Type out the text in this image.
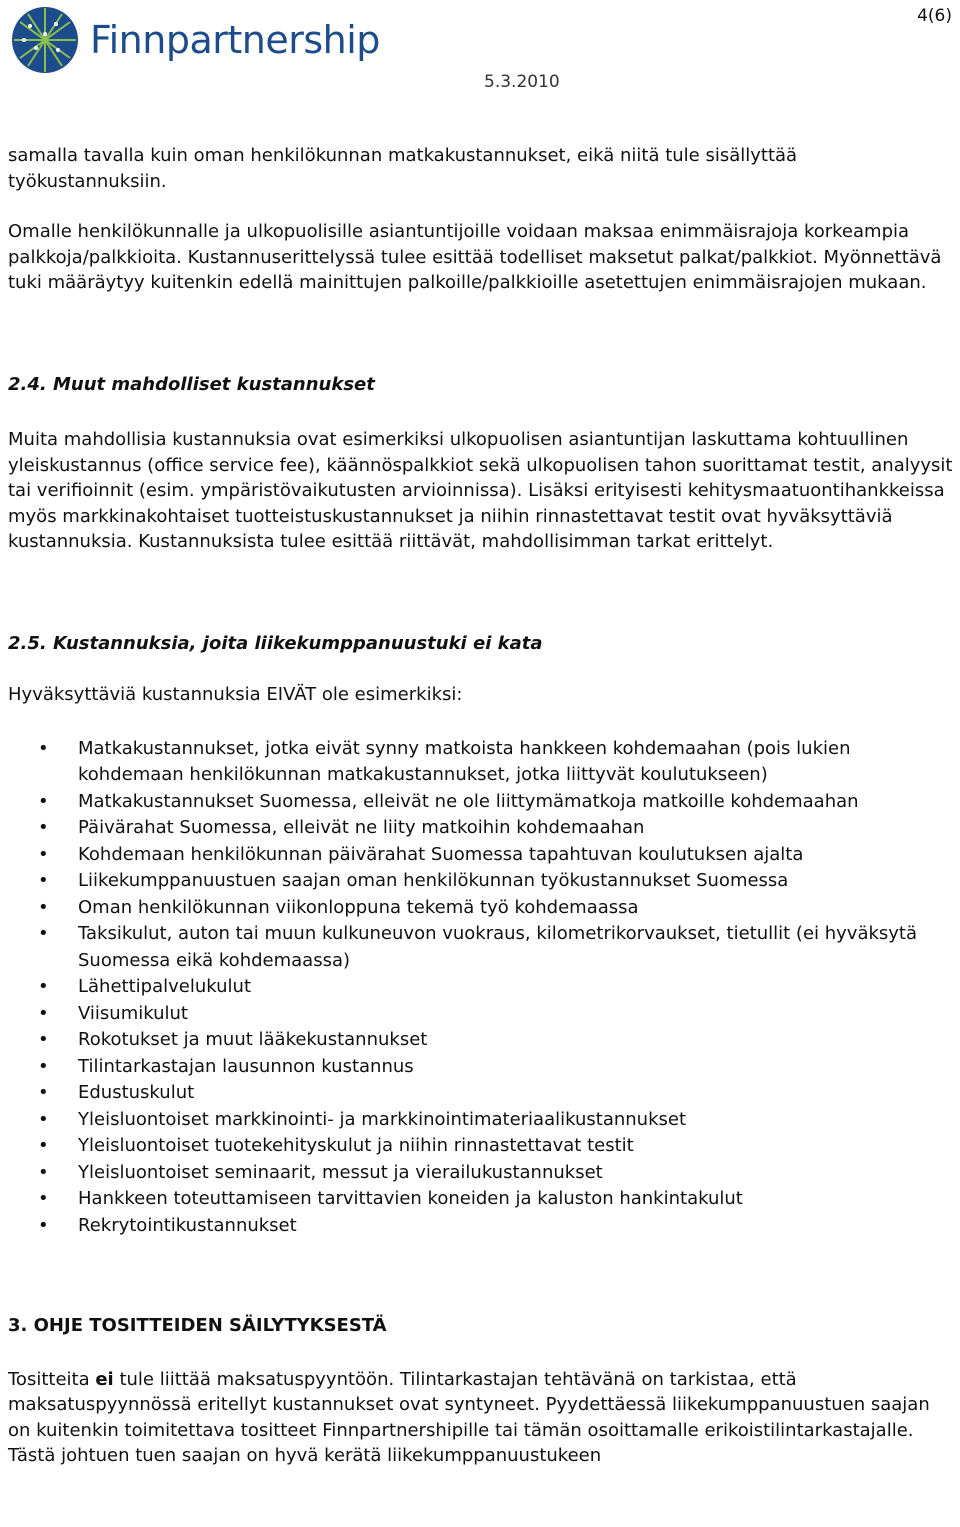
4(6)
Finnpartnership
5.3.2010

samalla tavalla kuin oman henkilökunnan matkakustannukset, eikä niitä tule sisällyttää työkustannuksiin.

Omalle henkilökunnalle ja ulkopuolisille asiantuntijoille voidaan maksaa enimmäisrajoja korkeampia palkkoja/palkkioita. Kustannuserittelyssä tulee esittää todelliset maksetut palkat/palkkiot. Myönnettävä tuki määräytyy kuitenkin edellä mainittujen palkoille/palkkioille asetettujen enimmäisrajojen mukaan.

2.4. Muut mahdolliset kustannukset

Muita mahdollisia kustannuksia ovat esimerkiksi ulkopuolisen asiantuntijan laskuttama kohtuullinen yleiskustannus (office service fee), käännöspalkkiot sekä ulkopuolisen tahon suorittamat testit, analyysit tai verifioinnit (esim. ympäristövaikutusten arvioinnissa). Lisäksi erityisesti kehitysmaatuontihankkeissa myös markkinakohtaiset tuotteistuskustannukset ja niihin rinnastettavat testit ovat hyväksyttäviä kustannuksia. Kustannuksista tulee esittää riittävät, mahdollisimman tarkat erittelyt.

2.5. Kustannuksia, joita liikekumppanuustuki ei kata

Hyväksyttäviä kustannuksia EIVÄT ole esimerkiksi:

• Matkakustannukset, jotka eivät synny matkoista hankkeen kohdemaahan (pois lukien kohdemaan henkilökunnan matkakustannukset, jotka liittyvät koulutukseen)
• Matkakustannukset Suomessa, elleivät ne ole liittymämatkoja matkoille kohdemaahan
• Päivärahat Suomessa, elleivät ne liity matkoihin kohdemaahan
• Kohdemaan henkilökunnan päivärahat Suomessa tapahtuvan koulutuksen ajalta
• Liikekumppanuustuen saajan oman henkilökunnan työkustannukset Suomessa
• Oman henkilökunnan viikonloppuna tekemä työ kohdemaassa
• Taksikulut, auton tai muun kulkuneuvon vuokraus, kilometrikorvaukset, tietullit (ei hyväksytä Suomessa eikä kohdemaassa)
• Lähettipalvelukulut
• Viisumikulut
• Rokotukset ja muut lääkekustannukset
• Tilintarkastajan lausunnon kustannus
• Edustuskulut
• Yleisluontoiset markkinointi- ja markkinointimateriaalikustannukset
• Yleisluontoiset tuotekehityskulut ja niihin rinnastettavat testit
• Yleisluontoiset seminaarit, messut ja vierailukustannukset
• Hankkeen toteuttamiseen tarvittavien koneiden ja kaluston hankintakulut
• Rekrytointikustannukset

3. OHJE TOSITTEIDEN SÄILYTYKSESTÄ

Tositteita ei tule liittää maksatuspyyntöön. Tilintarkastajan tehtävänä on tarkistaa, että maksatuspyynnössä eritellyt kustannukset ovat syntyneet. Pyydettäessä liikekumppanuustuen saajan on kuitenkin toimitettava tositteet Finnpartnershipille tai tämän osoittamalle erikoistilintarkastajalle. Tästä johtuen tuen saajan on hyvä kerätä liikekumppanuustukeen
